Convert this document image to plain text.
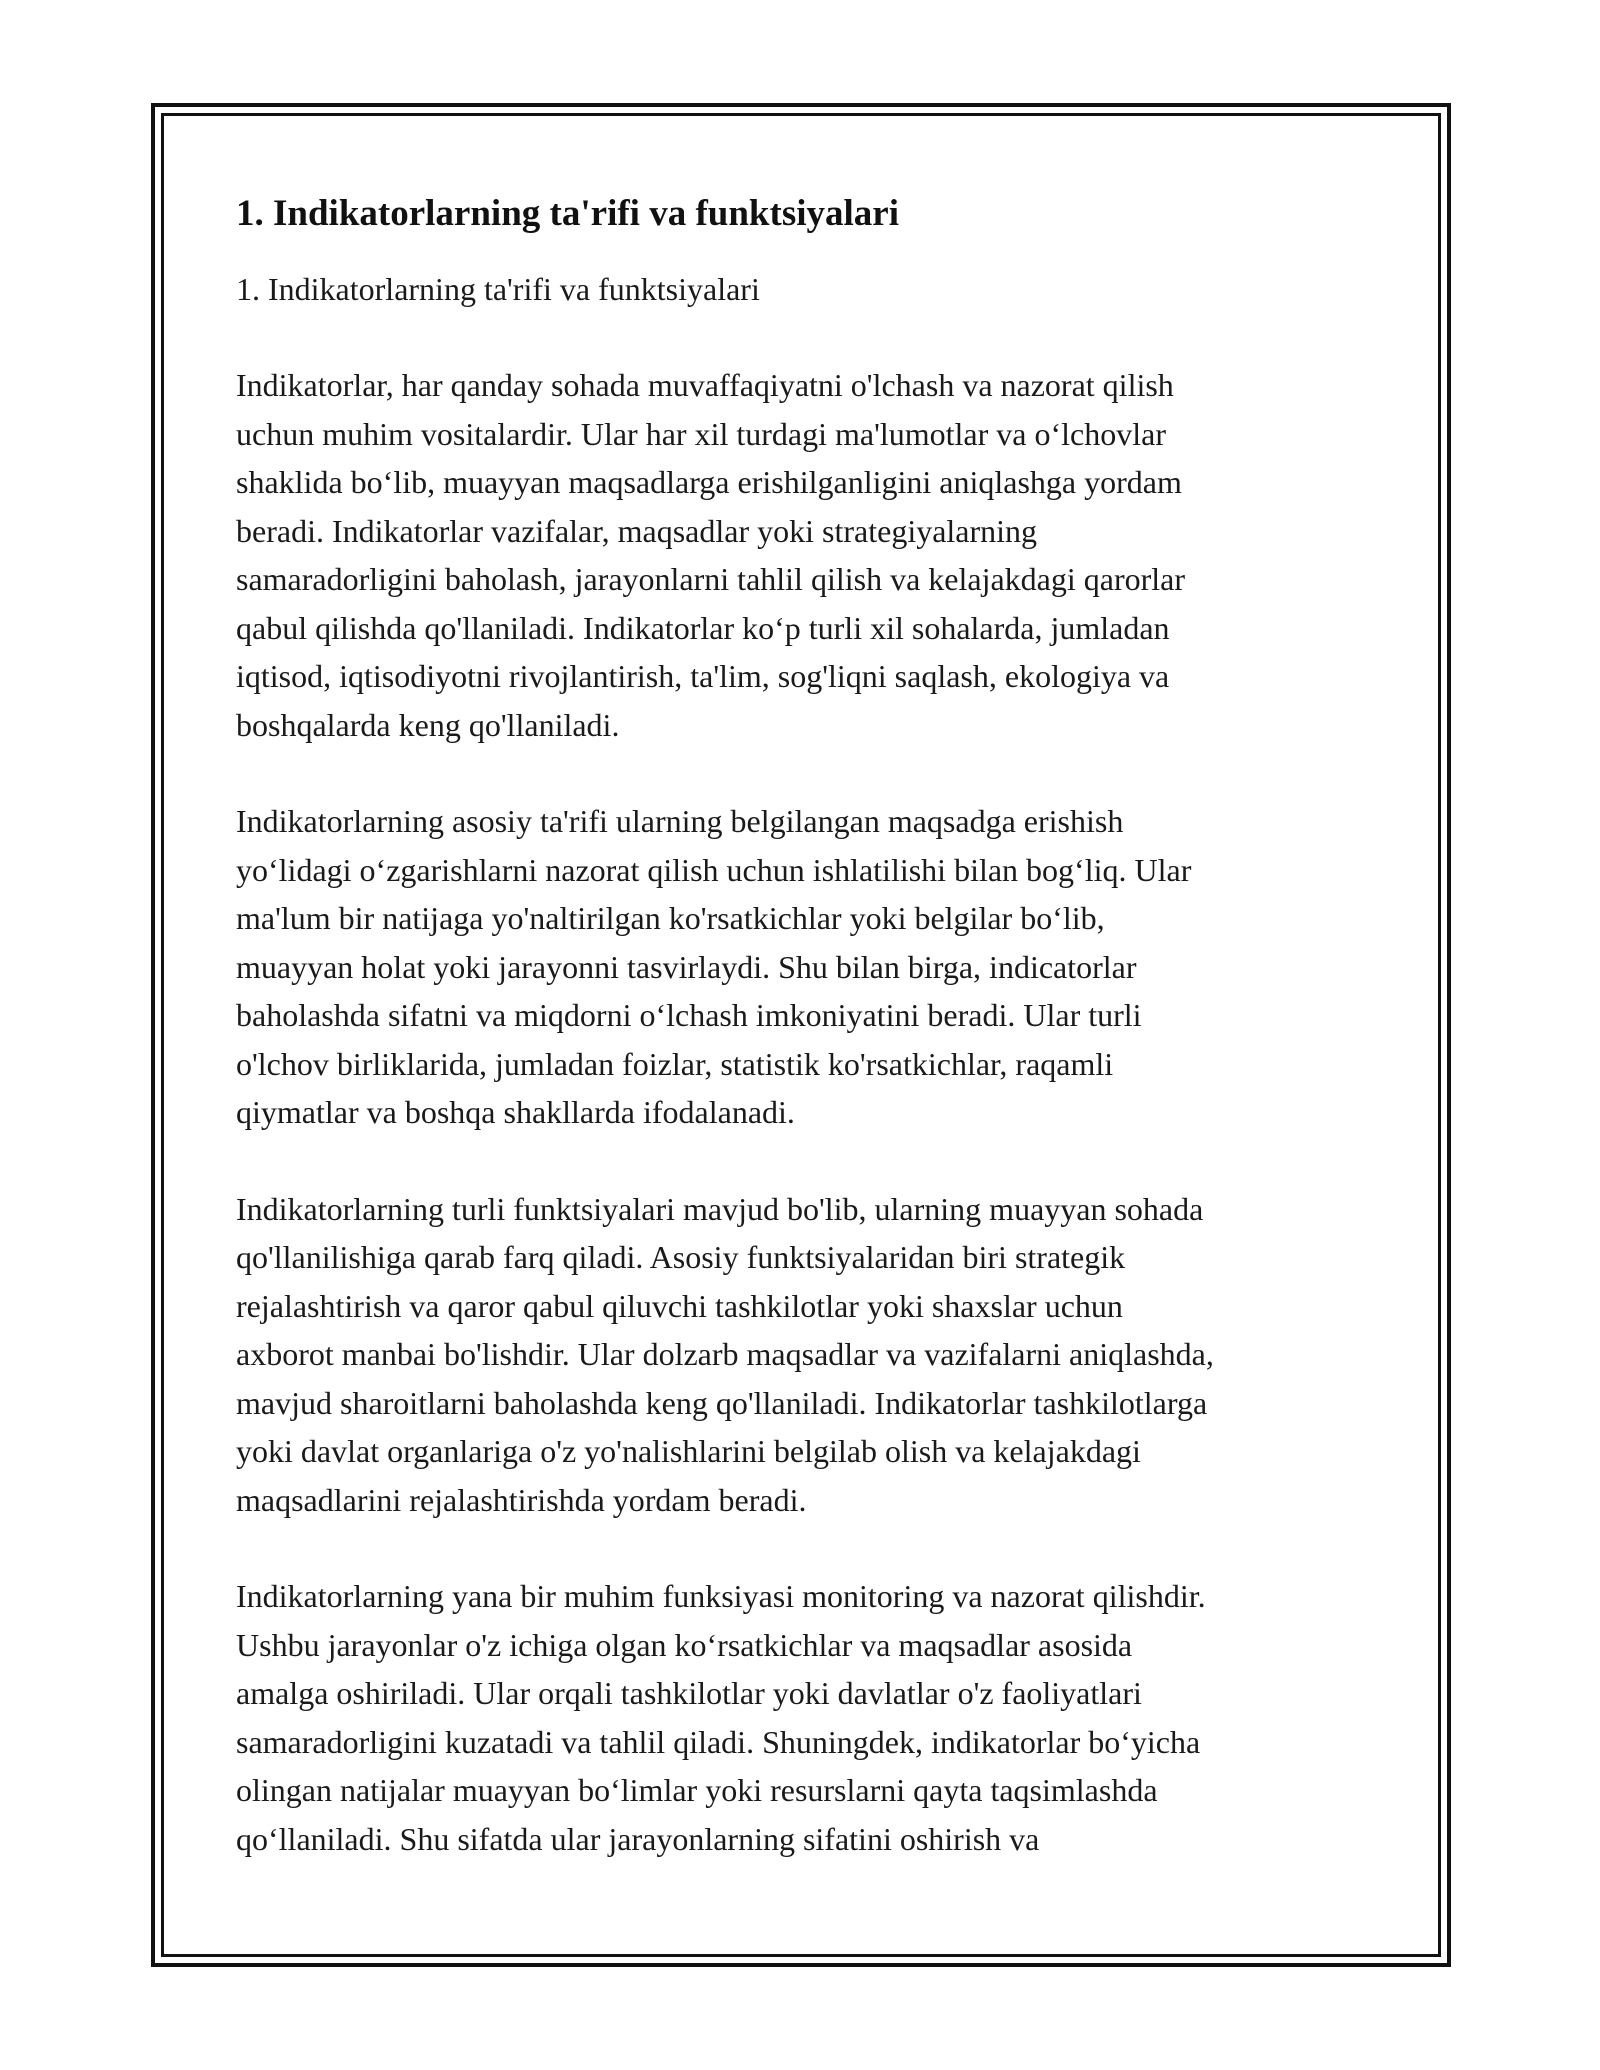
1. Indikatorlarning ta'rifi va funktsiyalari

1. Indikatorlarning ta'rifi va funktsiyalari

Indikatorlar, har qanday sohada muvaffaqiyatni o'lchash va nazorat qilish
uchun muhim vositalardir. Ular har xil turdagi ma'lumotlar va o‘lchovlar
shaklida bo‘lib, muayyan maqsadlarga erishilganligini aniqlashga yordam
beradi. Indikatorlar vazifalar, maqsadlar yoki strategiyalarning
samaradorligini baholash, jarayonlarni tahlil qilish va kelajakdagi qarorlar
qabul qilishda qo'llaniladi. Indikatorlar ko‘p turli xil sohalarda, jumladan
iqtisod, iqtisodiyotni rivojlantirish, ta'lim, sog'liqni saqlash, ekologiya va
boshqalarda keng qo'llaniladi.

Indikatorlarning asosiy ta'rifi ularning belgilangan maqsadga erishish
yo‘lidagi o‘zgarishlarni nazorat qilish uchun ishlatilishi bilan bog‘liq. Ular
ma'lum bir natijaga yo'naltirilgan ko'rsatkichlar yoki belgilar bo‘lib,
muayyan holat yoki jarayonni tasvirlaydi. Shu bilan birga, indicatorlar
baholashda sifatni va miqdorni o‘lchash imkoniyatini beradi. Ular turli
o'lchov birliklarida, jumladan foizlar, statistik ko'rsatkichlar, raqamli
qiymatlar va boshqa shakllarda ifodalanadi.

Indikatorlarning turli funktsiyalari mavjud bo'lib, ularning muayyan sohada
qo'llanilishiga qarab farq qiladi. Asosiy funktsiyalaridan biri strategik
rejalashtirish va qaror qabul qiluvchi tashkilotlar yoki shaxslar uchun
axborot manbai bo'lishdir. Ular dolzarb maqsadlar va vazifalarni aniqlashda,
mavjud sharoitlarni baholashda keng qo'llaniladi. Indikatorlar tashkilotlarga
yoki davlat organlariga o'z yo'nalishlarini belgilab olish va kelajakdagi
maqsadlarini rejalashtirishda yordam beradi.

Indikatorlarning yana bir muhim funksiyasi monitoring va nazorat qilishdir.
Ushbu jarayonlar o'z ichiga olgan ko‘rsatkichlar va maqsadlar asosida
amalga oshiriladi. Ular orqali tashkilotlar yoki davlatlar o'z faoliyatlari
samaradorligini kuzatadi va tahlil qiladi. Shuningdek, indikatorlar bo‘yicha
olingan natijalar muayyan bo‘limlar yoki resurslarni qayta taqsimlashda
qo‘llaniladi. Shu sifatda ular jarayonlarning sifatini oshirish va
